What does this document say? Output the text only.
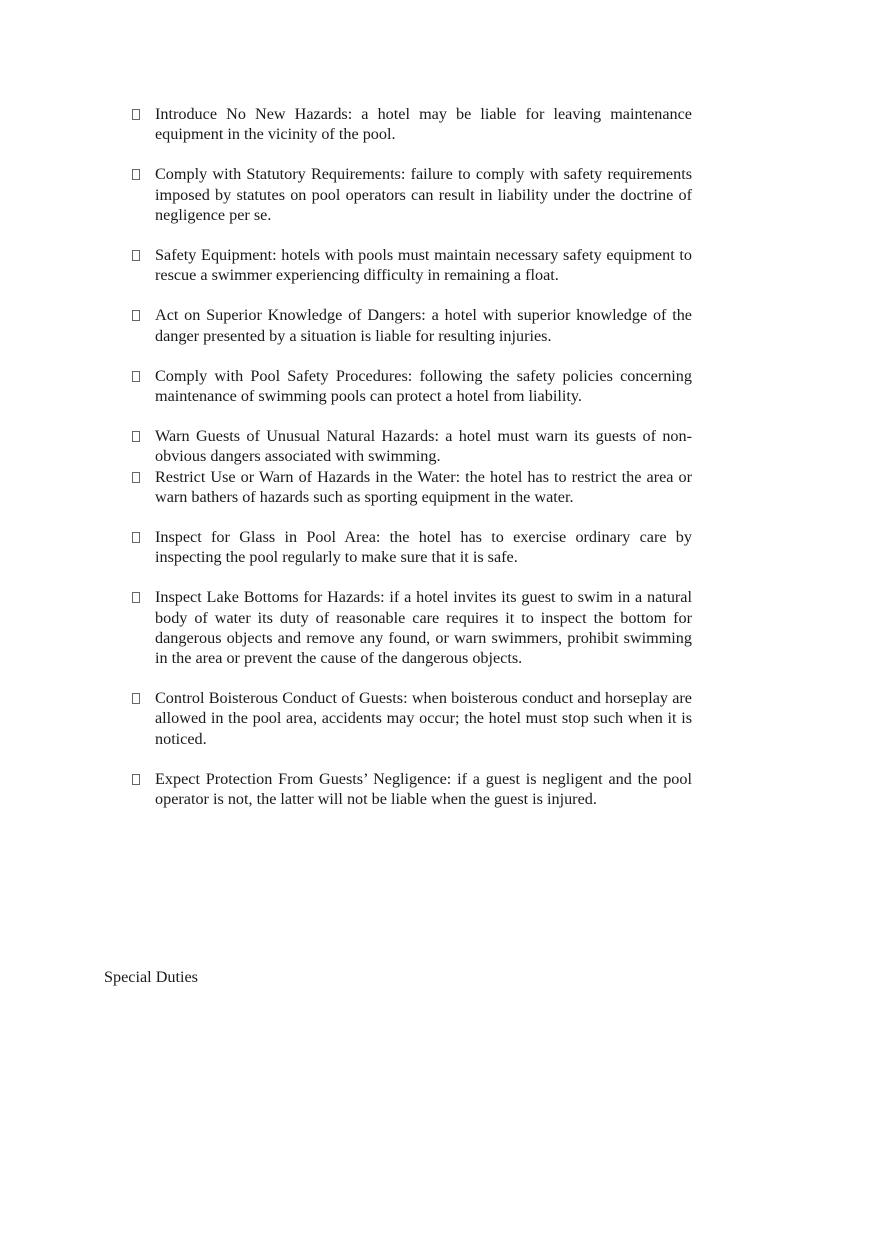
Introduce No New Hazards: a hotel may be liable for leaving maintenance equipment in the vicinity of the pool.
Comply with Statutory Requirements: failure to comply with safety requirements imposed by statutes on pool operators can result in liability under the doctrine of negligence per se.
Safety Equipment: hotels with pools must maintain necessary safety equipment to rescue a swimmer experiencing difficulty in remaining a float.
Act on Superior Knowledge of Dangers: a hotel with superior knowledge of the danger presented by a situation is liable for resulting injuries.
Comply with Pool Safety Procedures: following the safety policies concerning maintenance of swimming pools can protect a hotel from liability.
Warn Guests of Unusual Natural Hazards: a hotel must warn its guests of non-obvious dangers associated with swimming.
Restrict Use or Warn of Hazards in the Water: the hotel has to restrict the area or warn bathers of hazards such as sporting equipment in the water.
Inspect for Glass in Pool Area: the hotel has to exercise ordinary care by inspecting the pool regularly to make sure that it is safe.
Inspect Lake Bottoms for Hazards: if a hotel invites its guest to swim in a natural body of water its duty of reasonable care requires it to inspect the bottom for dangerous objects and remove any found, or warn swimmers, prohibit swimming in the area or prevent the cause of the dangerous objects.
Control Boisterous Conduct of Guests: when boisterous conduct and horseplay are allowed in the pool area, accidents may occur; the hotel must stop such when it is noticed.
Expect Protection From Guests’ Negligence: if a guest is negligent and the pool operator is not, the latter will not be liable when the guest is injured.
Special Duties
